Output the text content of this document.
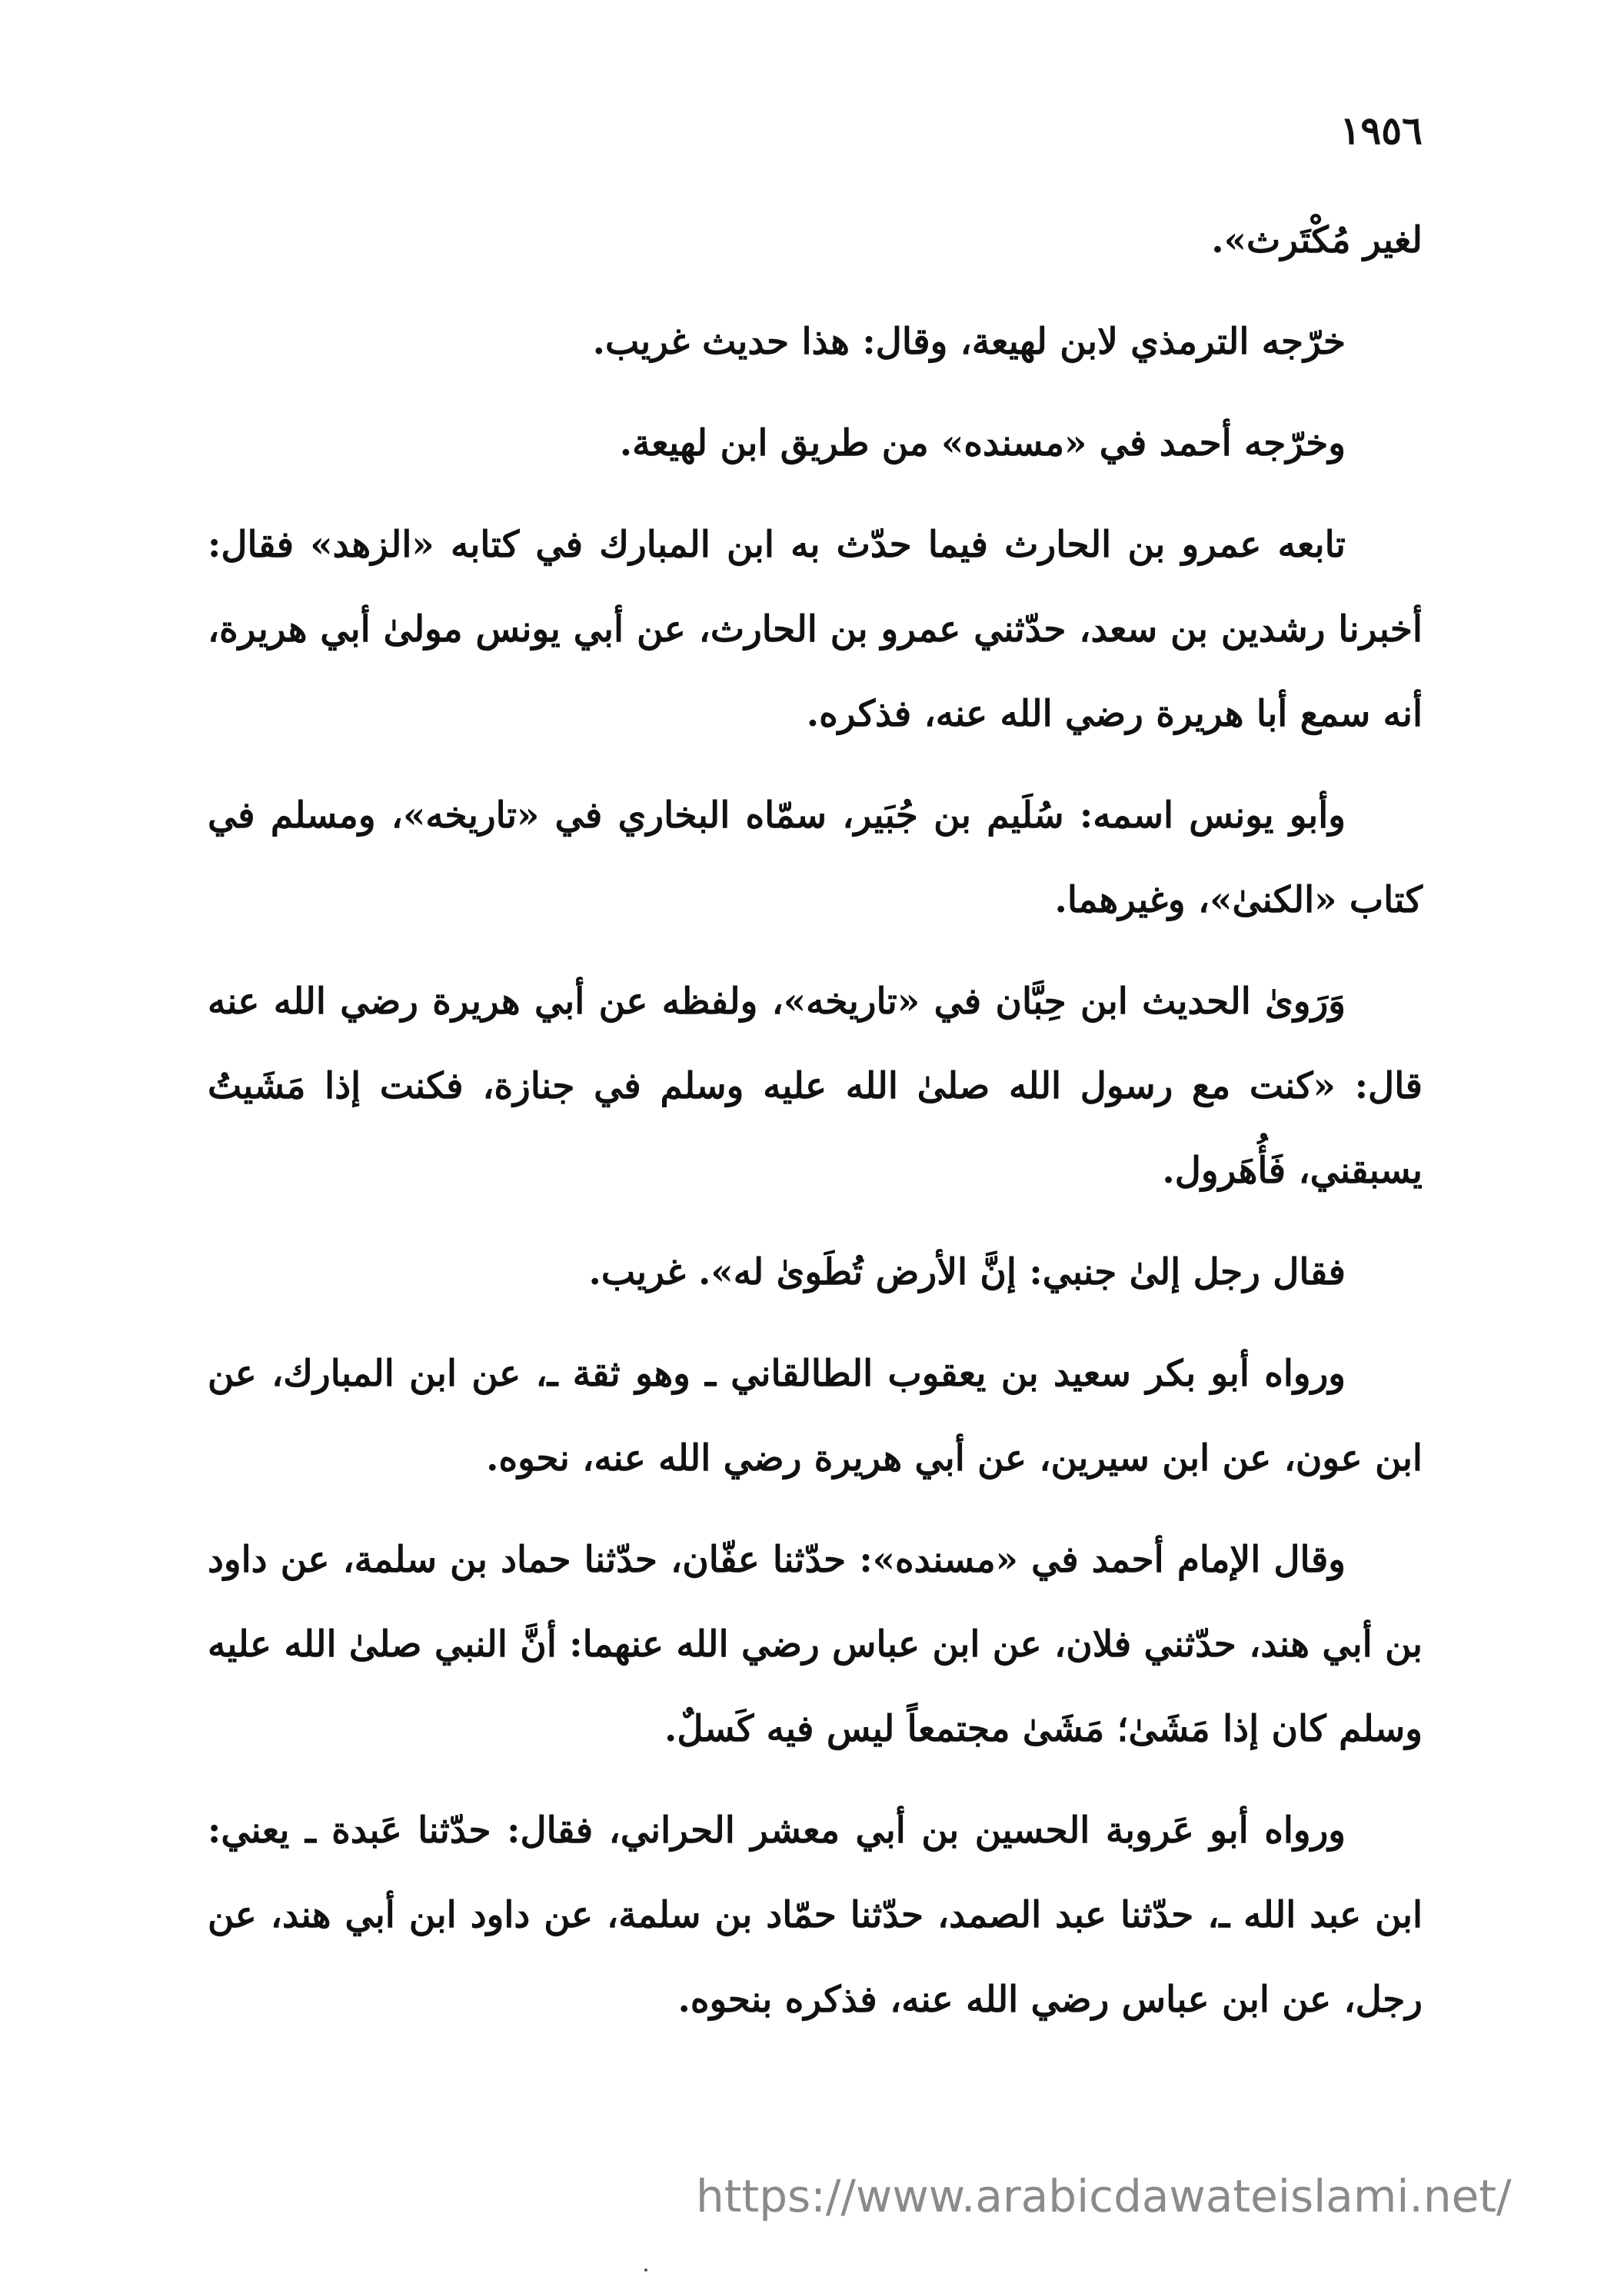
١٩٥٦

لغير مُكْتَرث».

خرّجه الترمذي لابن لهيعة، وقال: هذا حديث غريب.

وخرّجه أحمد في «مسنده» من طريق ابن لهيعة.

تابعه عمرو بن الحارث فيما حدّث به ابن المبارك في كتابه «الزهد» فقال: أخبرنا رشدين بن سعد، حدّثني عمرو بن الحارث، عن أبي يونس مولىٰ أبي هريرة، أنه سمع أبا هريرة رضي الله عنه، فذكره.

وأبو يونس اسمه: سُلَيم بن جُبَير، سمّاه البخاري في «تاريخه»، ومسلم في كتاب «الكنىٰ»، وغيرهما.

وَرَوىٰ الحديث ابن حِبَّان في «تاريخه»، ولفظه عن أبي هريرة رضي الله عنه قال: «كنت مع رسول الله صلىٰ الله عليه وسلم في جنازة، فكنت إذا مَشَيتُ يسبقني، فَأُهَرول.

فقال رجل إلىٰ جنبي: إنَّ الأرض تُطَوىٰ له». غريب.

ورواه أبو بكر سعيد بن يعقوب الطالقاني ـ وهو ثقة ـ، عن ابن المبارك، عن ابن عون، عن ابن سيرين، عن أبي هريرة رضي الله عنه، نحوه.

وقال الإمام أحمد في «مسنده»: حدّثنا عفّان، حدّثنا حماد بن سلمة، عن داود بن أبي هند، حدّثني فلان، عن ابن عباس رضي الله عنهما: أنَّ النبي صلىٰ الله عليه وسلم كان إذا مَشَىٰ؛ مَشَىٰ مجتمعاً ليس فيه كَسلٌ.

ورواه أبو عَروبة الحسين بن أبي معشر الحراني، فقال: حدّثنا عَبدة ـ يعني: ابن عبد الله ـ، حدّثنا عبد الصمد، حدّثنا حمّاد بن سلمة، عن داود ابن أبي هند، عن رجل، عن ابن عباس رضي الله عنه، فذكره بنحوه.

https://www.arabicdawateislami.net/
